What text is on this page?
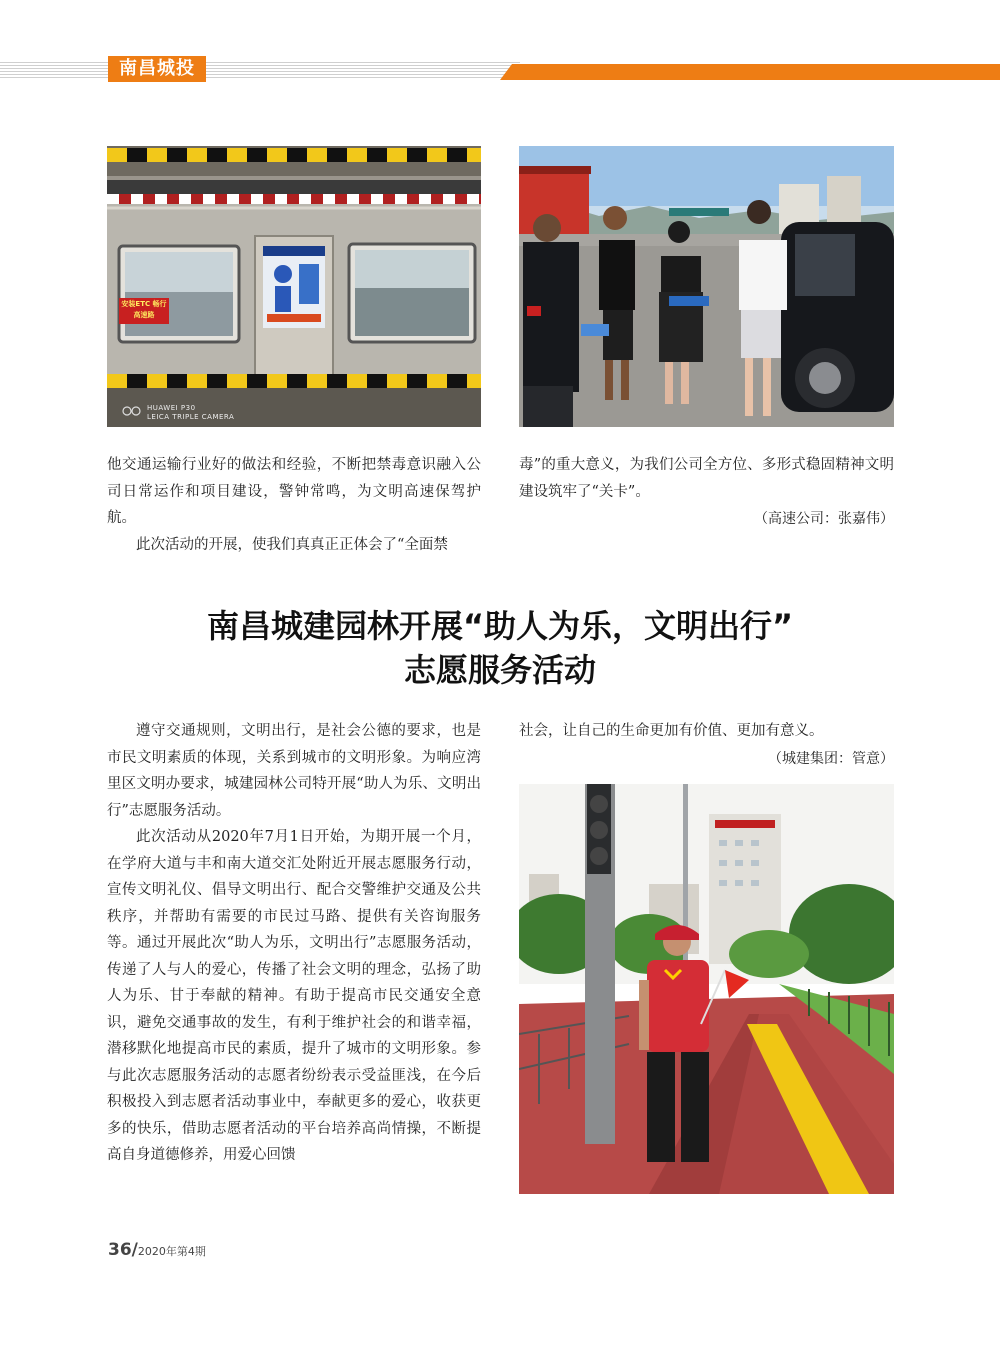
南昌城投
安装ETC 畅行高速路
HUAWEI P30
LEICA TRIPLE CAMERA

他交通运输行业好的做法和经验，不断把禁毒意识融入公司日常运作和项目建设，警钟常鸣，为文明高速保驾护航。

此次活动的开展，使我们真真正正体会了“全面禁

毒”的重大意义，为我们公司全方位、多形式稳固精神文明建设筑牢了“关卡”。

（高速公司：张嘉伟）
南昌城建园林开展“助人为乐，文明出行”
志愿服务活动

遵守交通规则，文明出行，是社会公德的要求，也是市民文明素质的体现，关系到城市的文明形象。为响应湾里区文明办要求，城建园林公司特开展“助人为乐、文明出行”志愿服务活动。

此次活动从2020年7月1日开始，为期开展一个月，在学府大道与丰和南大道交汇处附近开展志愿服务行动，宣传文明礼仪、倡导文明出行、配合交警维护交通及公共秩序，并帮助有需要的市民过马路、提供有关咨询服务等。通过开展此次“助人为乐，文明出行”志愿服务活动，传递了人与人的爱心，传播了社会文明的理念，弘扬了助人为乐、甘于奉献的精神。有助于提高市民交通安全意识，避免交通事故的发生，有利于维护社会的和谐幸福，潜移默化地提高市民的素质，提升了城市的文明形象。参与此次志愿服务活动的志愿者纷纷表示受益匪浅，在今后积极投入到志愿者活动事业中，奉献更多的爱心，收获更多的快乐，借助志愿者活动的平台培养高尚情操，不断提高自身道德修养，用爱心回馈

社会，让自己的生命更加有价值、更加有意义。

（城建集团：管意）
36/2020年第4期
